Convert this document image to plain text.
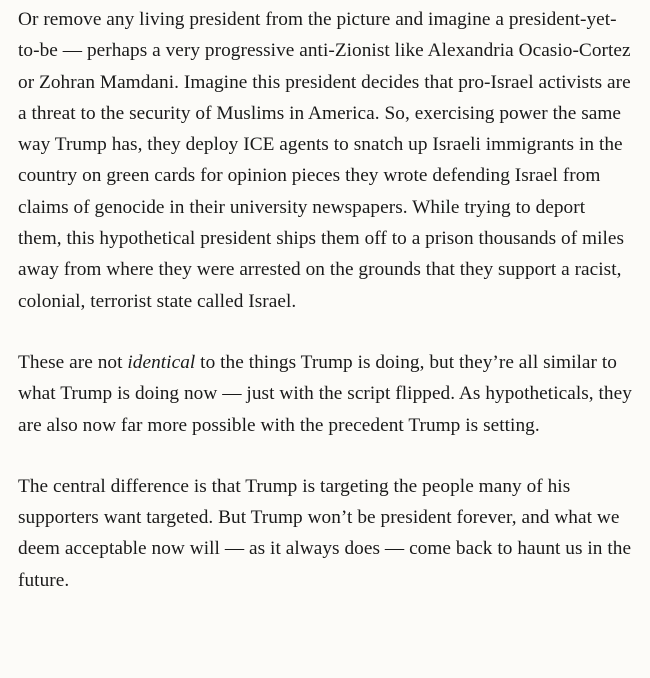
Or remove any living president from the picture and imagine a president-yet-to-be — perhaps a very progressive anti-Zionist like Alexandria Ocasio-Cortez or Zohran Mamdani. Imagine this president decides that pro-Israel activists are a threat to the security of Muslims in America. So, exercising power the same way Trump has, they deploy ICE agents to snatch up Israeli immigrants in the country on green cards for opinion pieces they wrote defending Israel from claims of genocide in their university newspapers. While trying to deport them, this hypothetical president ships them off to a prison thousands of miles away from where they were arrested on the grounds that they support a racist, colonial, terrorist state called Israel.

These are not identical to the things Trump is doing, but they’re all similar to what Trump is doing now — just with the script flipped. As hypotheticals, they are also now far more possible with the precedent Trump is setting.

The central difference is that Trump is targeting the people many of his supporters want targeted. But Trump won’t be president forever, and what we deem acceptable now will — as it always does — come back to haunt us in the future.
